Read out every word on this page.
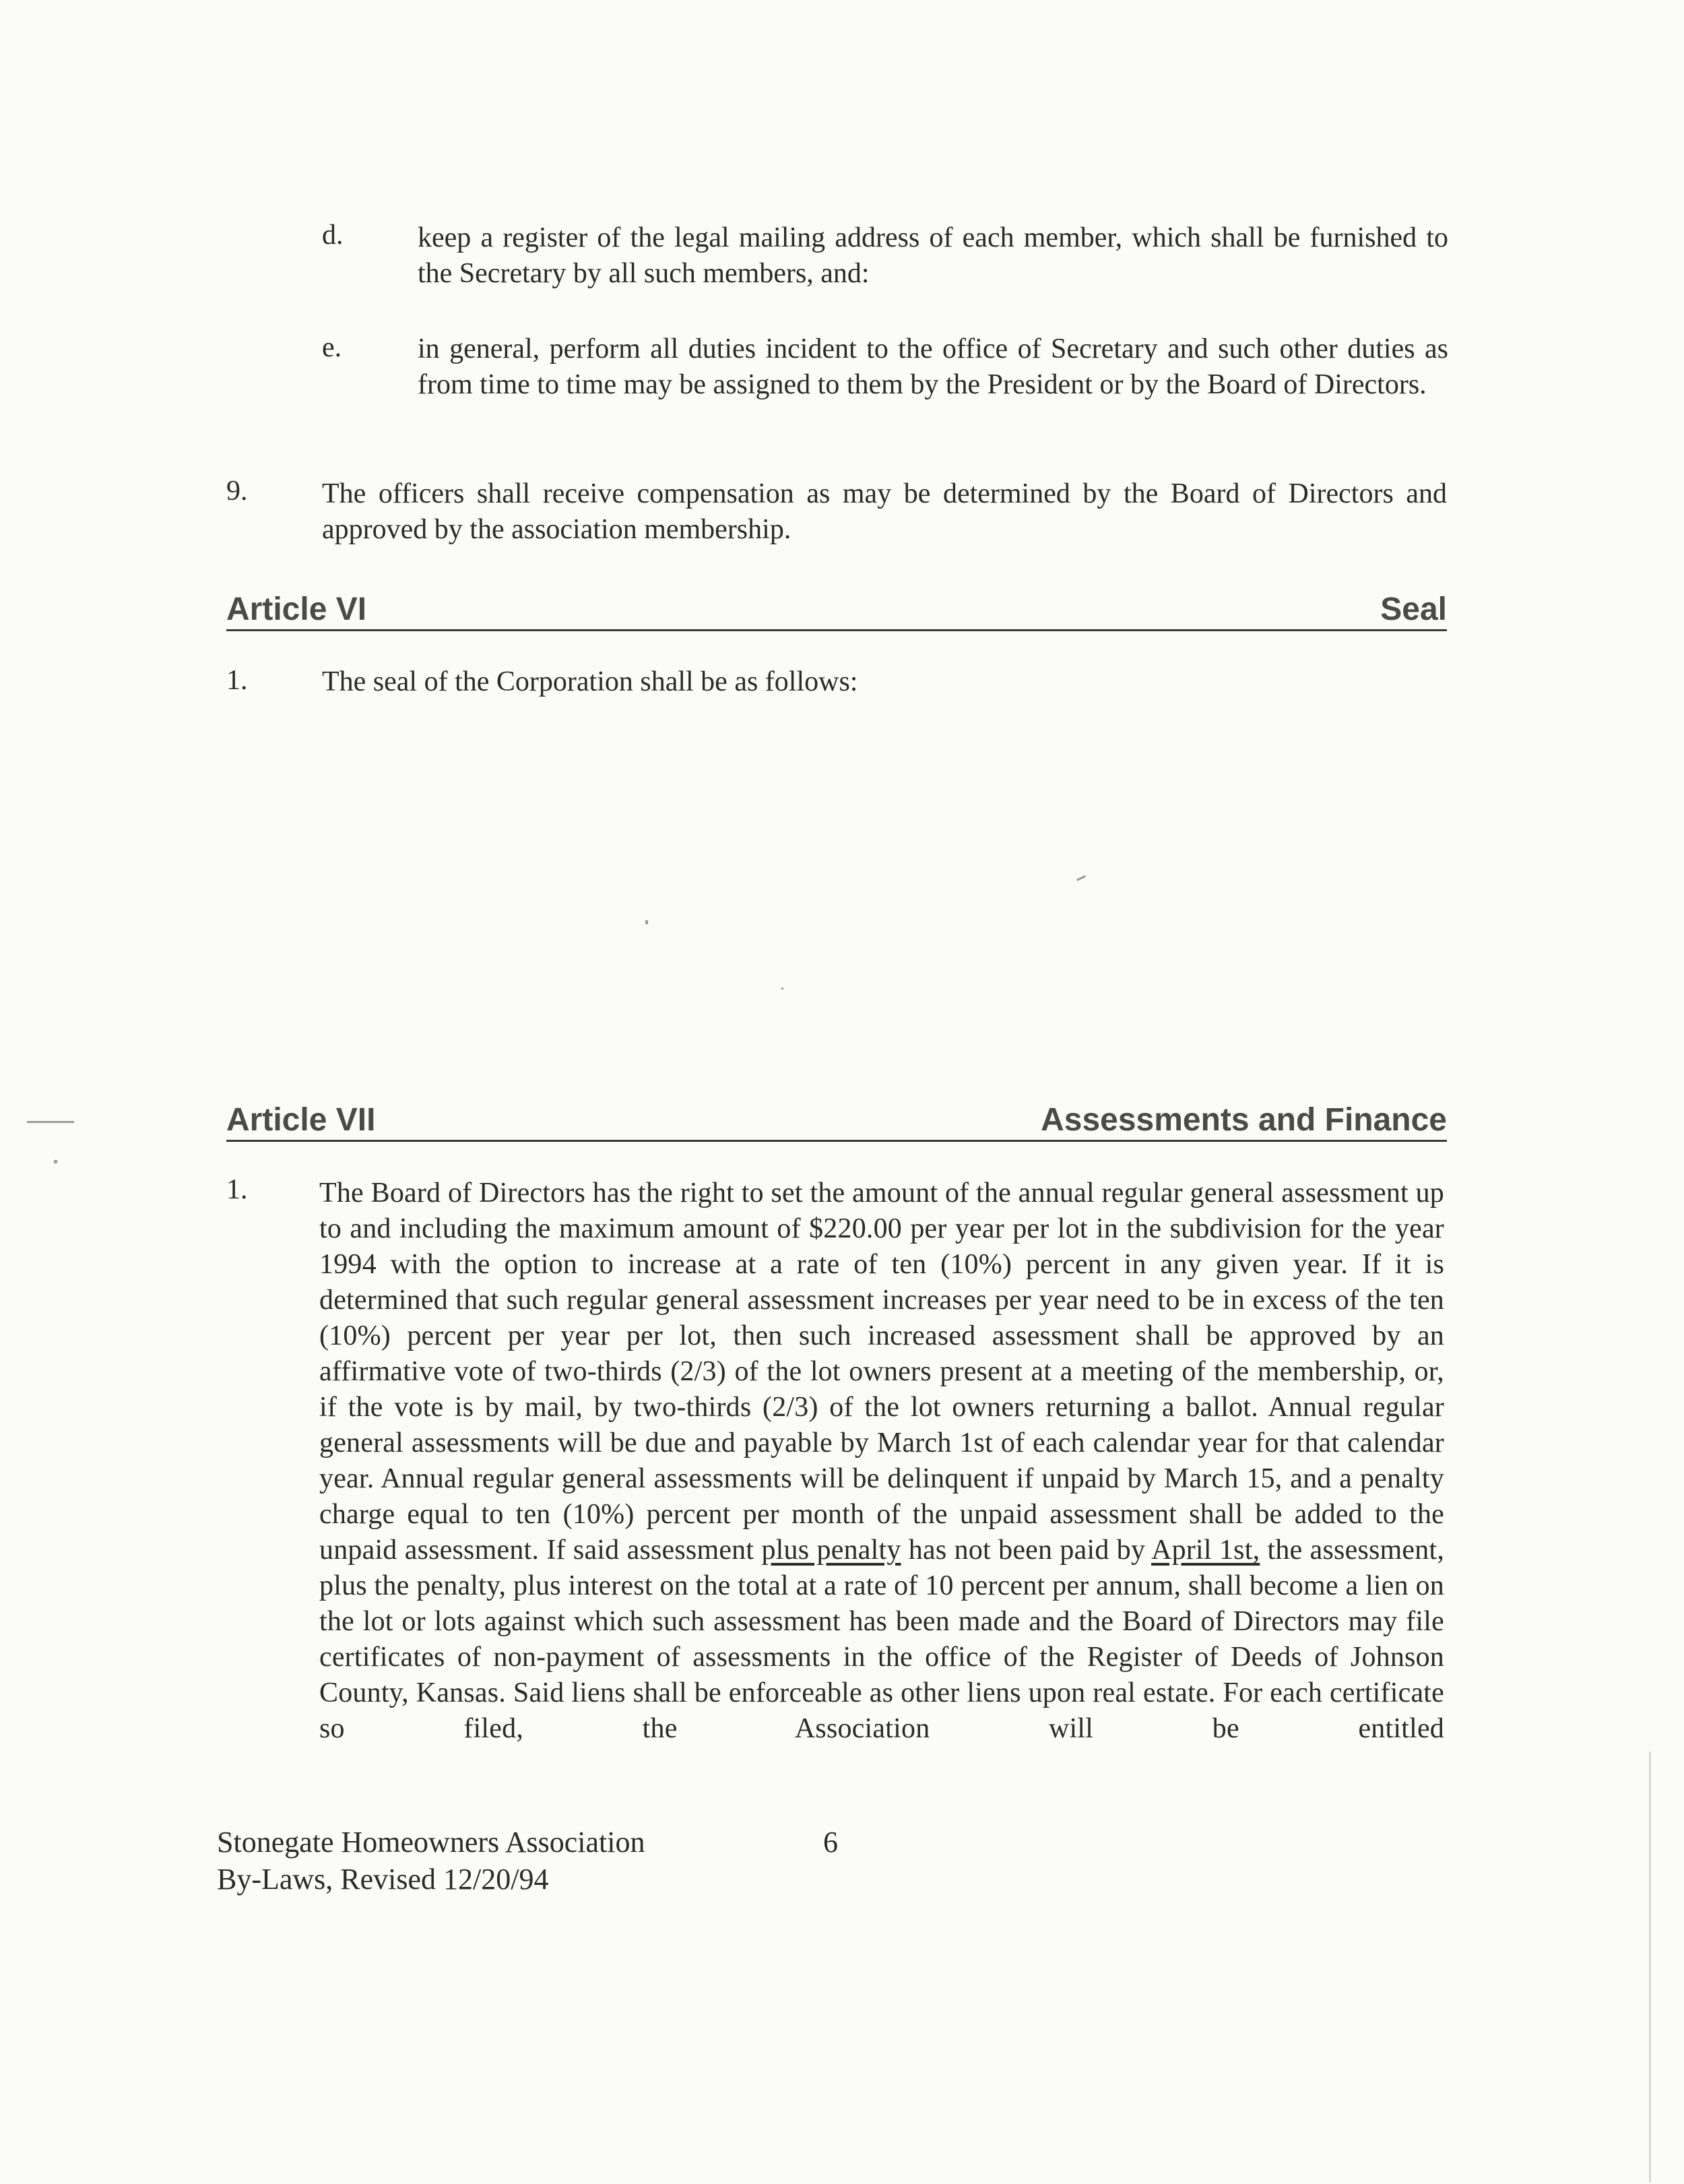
d.	keep a register of the legal mailing address of each member, which shall be furnished to the Secretary by all such members, and:
e.	in general, perform all duties incident to the office of Secretary and such other duties as from time to time may be assigned to them by the President or by the Board of Directors.
9.	The officers shall receive compensation as may be determined by the Board of Directors and approved by the association membership.
Article VI	Seal
1.	The seal of the Corporation shall be as follows:
Article VII	Assessments and Finance
1.	The Board of Directors has the right to set the amount of the annual regular general assessment up to and including the maximum amount of $220.00 per year per lot in the subdivision for the year 1994 with the option to increase at a rate of ten (10%) percent in any given year. If it is determined that such regular general assessment increases per year need to be in excess of the ten (10%) percent per year per lot, then such increased assessment shall be approved by an affirmative vote of two-thirds (2/3) of the lot owners present at a meeting of the membership, or, if the vote is by mail, by two-thirds (2/3) of the lot owners returning a ballot. Annual regular general assessments will be due and payable by March 1st of each calendar year for that calendar year. Annual regular general assessments will be delinquent if unpaid by March 15, and a penalty charge equal to ten (10%) percent per month of the unpaid assessment shall be added to the unpaid assessment. If said assessment plus penalty has not been paid by April 1st, the assessment, plus the penalty, plus interest on the total at a rate of 10 percent per annum, shall become a lien on the lot or lots against which such assessment has been made and the Board of Directors may file certificates of non-payment of assessments in the office of the Register of Deeds of Johnson County, Kansas. Said liens shall be enforceable as other liens upon real estate. For each certificate so filed, the Association will be entitled
Stonegate Homeowners Association	6
By-Laws, Revised 12/20/94
